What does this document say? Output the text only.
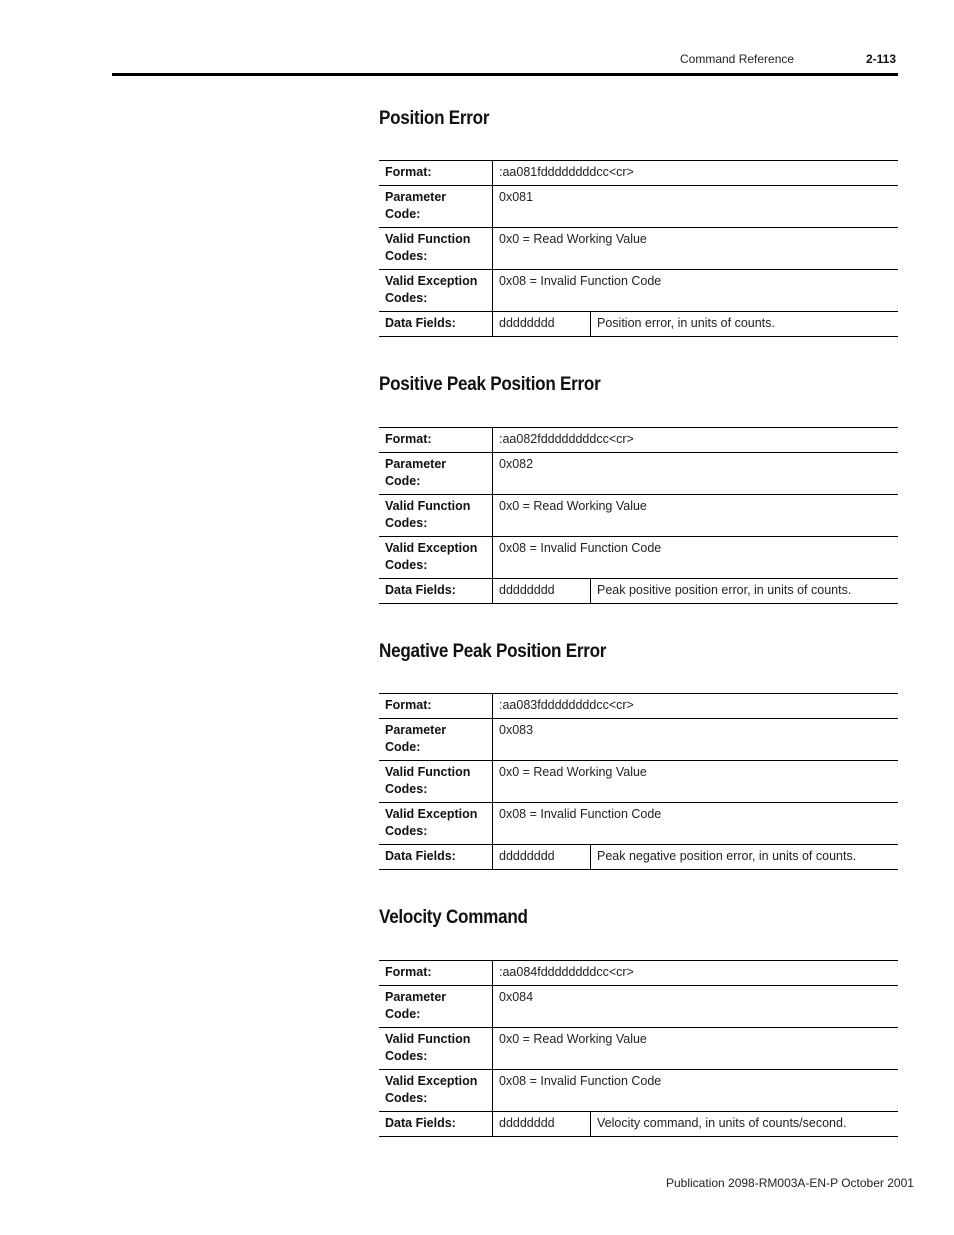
Command Reference	2-113
Position Error
Format:	:aa081fddddddddcc<cr>	
Parameter
Code:	0x081	
Valid Function
Codes:	0x0 = Read Working Value	
Valid Exception
Codes:	0x08 = Invalid Function Code	
Data Fields:	dddddddd	Position error, in units of counts.
Positive Peak Position Error
Format:	:aa082fddddddddcc<cr>	
Parameter
Code:	0x082	
Valid Function
Codes:	0x0 = Read Working Value	
Valid Exception
Codes:	0x08 = Invalid Function Code	
Data Fields:	dddddddd	Peak positive position error, in units of counts.
Negative Peak Position Error
Format:	:aa083fddddddddcc<cr>	
Parameter
Code:	0x083	
Valid Function
Codes:	0x0 = Read Working Value	
Valid Exception
Codes:	0x08 = Invalid Function Code	
Data Fields:	dddddddd	Peak negative position error, in units of counts.
Velocity Command
Format:	:aa084fddddddddcc<cr>	
Parameter
Code:	0x084	
Valid Function
Codes:	0x0 = Read Working Value	
Valid Exception
Codes:	0x08 = Invalid Function Code	
Data Fields:	dddddddd	Velocity command, in units of counts/second.
Publication 2098-RM003A-EN-P October 2001
